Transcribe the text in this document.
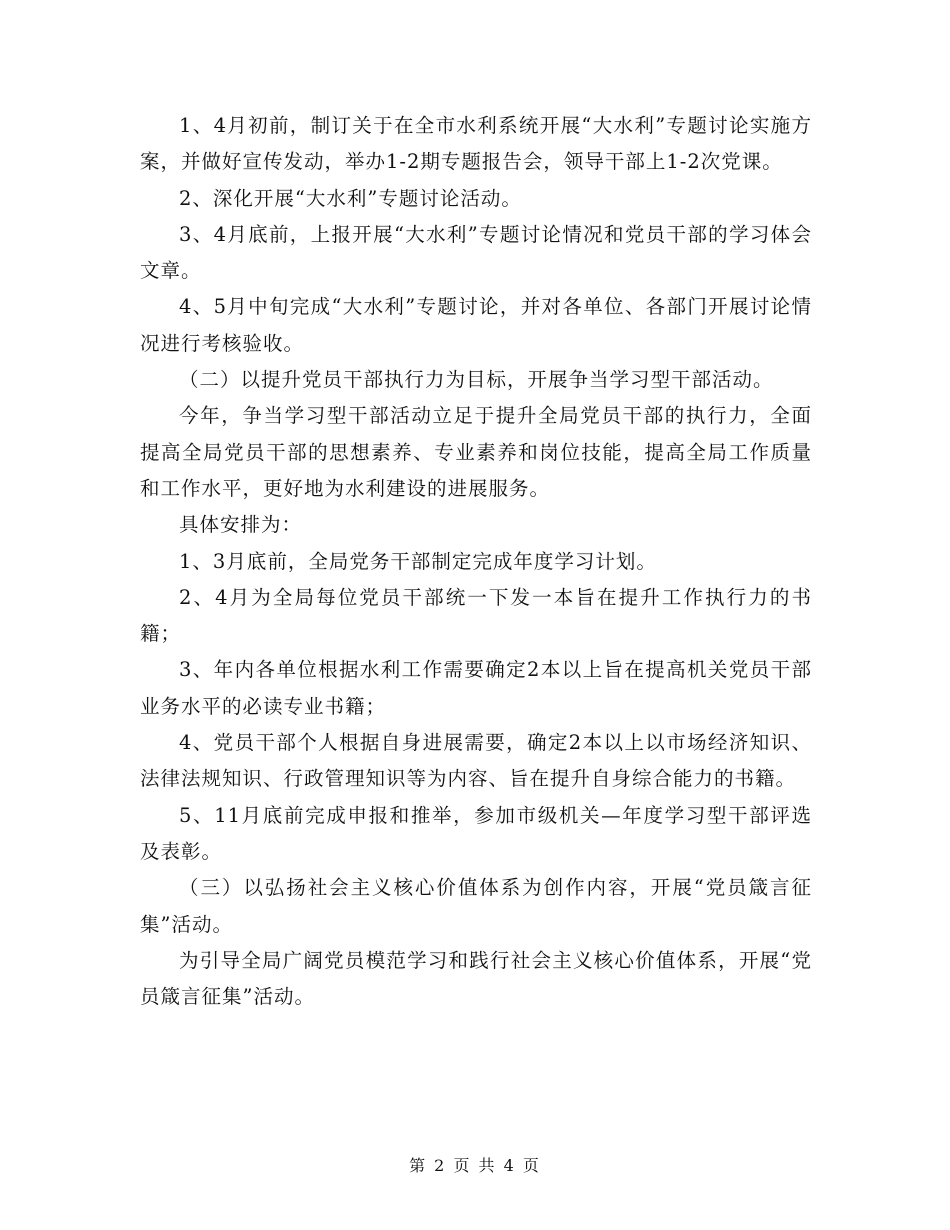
1、4月初前，制订关于在全市水利系统开展“大水利”专题讨论实施方案，并做好宣传发动，举办1-2期专题报告会，领导干部上1-2次党课。

2、深化开展“大水利”专题讨论活动。

3、4月底前，上报开展“大水利”专题讨论情况和党员干部的学习体会文章。

4、5月中旬完成“大水利”专题讨论，并对各单位、各部门开展讨论情况进行考核验收。

（二）以提升党员干部执行力为目标，开展争当学习型干部活动。

今年，争当学习型干部活动立足于提升全局党员干部的执行力，全面提高全局党员干部的思想素养、专业素养和岗位技能，提高全局工作质量和工作水平，更好地为水利建设的进展服务。

具体安排为：

1、3月底前，全局党务干部制定完成年度学习计划。

2、4月为全局每位党员干部统一下发一本旨在提升工作执行力的书籍；

3、年内各单位根据水利工作需要确定2本以上旨在提高机关党员干部业务水平的必读专业书籍；

4、党员干部个人根据自身进展需要，确定2本以上以市场经济知识、法律法规知识、行政管理知识等为内容、旨在提升自身综合能力的书籍。

5、11月底前完成申报和推举，参加市级机关—年度学习型干部评选及表彰。

（三）以弘扬社会主义核心价值体系为创作内容，开展“党员箴言征集”活动。

为引导全局广阔党员模范学习和践行社会主义核心价值体系，开展“党员箴言征集”活动。

第 2 页 共 4 页
